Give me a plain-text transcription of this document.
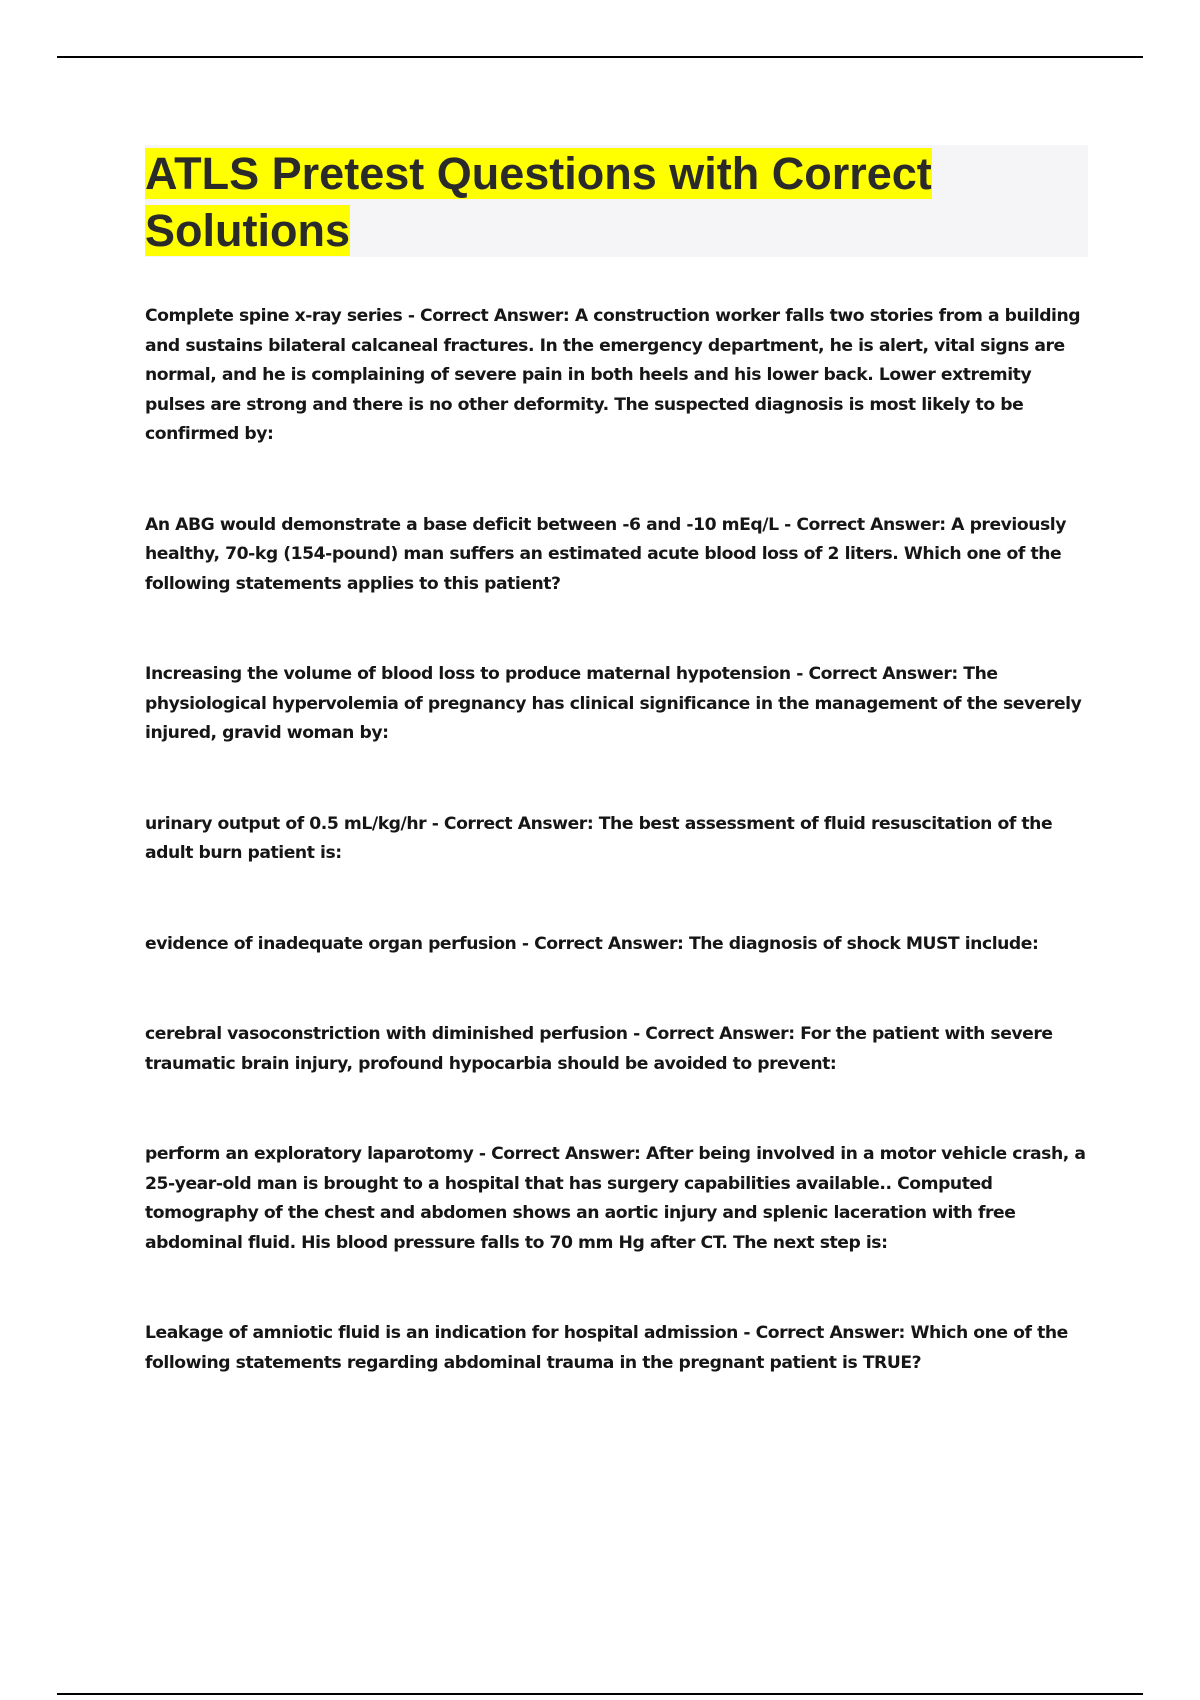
ATLS Pretest Questions with Correct Solutions
Complete spine x-ray series - Correct Answer: A construction worker falls two stories from a building and sustains bilateral calcaneal fractures. In the emergency department, he is alert, vital signs are normal, and he is complaining of severe pain in both heels and his lower back. Lower extremity pulses are strong and there is no other deformity. The suspected diagnosis is most likely to be confirmed by:
An ABG would demonstrate a base deficit between -6 and -10 mEq/L - Correct Answer: A previously healthy, 70-kg (154-pound) man suffers an estimated acute blood loss of 2 liters. Which one of the following statements applies to this patient?
Increasing the volume of blood loss to produce maternal hypotension - Correct Answer: The physiological hypervolemia of pregnancy has clinical significance in the management of the severely injured, gravid woman by:
urinary output of 0.5 mL/kg/hr - Correct Answer: The best assessment of fluid resuscitation of the adult burn patient is:
evidence of inadequate organ perfusion - Correct Answer: The diagnosis of shock MUST include:
cerebral vasoconstriction with diminished perfusion - Correct Answer: For the patient with severe traumatic brain injury, profound hypocarbia should be avoided to prevent:
perform an exploratory laparotomy - Correct Answer: After being involved in a motor vehicle crash, a 25-year-old man is brought to a hospital that has surgery capabilities available.. Computed tomography of the chest and abdomen shows an aortic injury and splenic laceration with free abdominal fluid. His blood pressure falls to 70 mm Hg after CT. The next step is:
Leakage of amniotic fluid is an indication for hospital admission - Correct Answer: Which one of the following statements regarding abdominal trauma in the pregnant patient is TRUE?
